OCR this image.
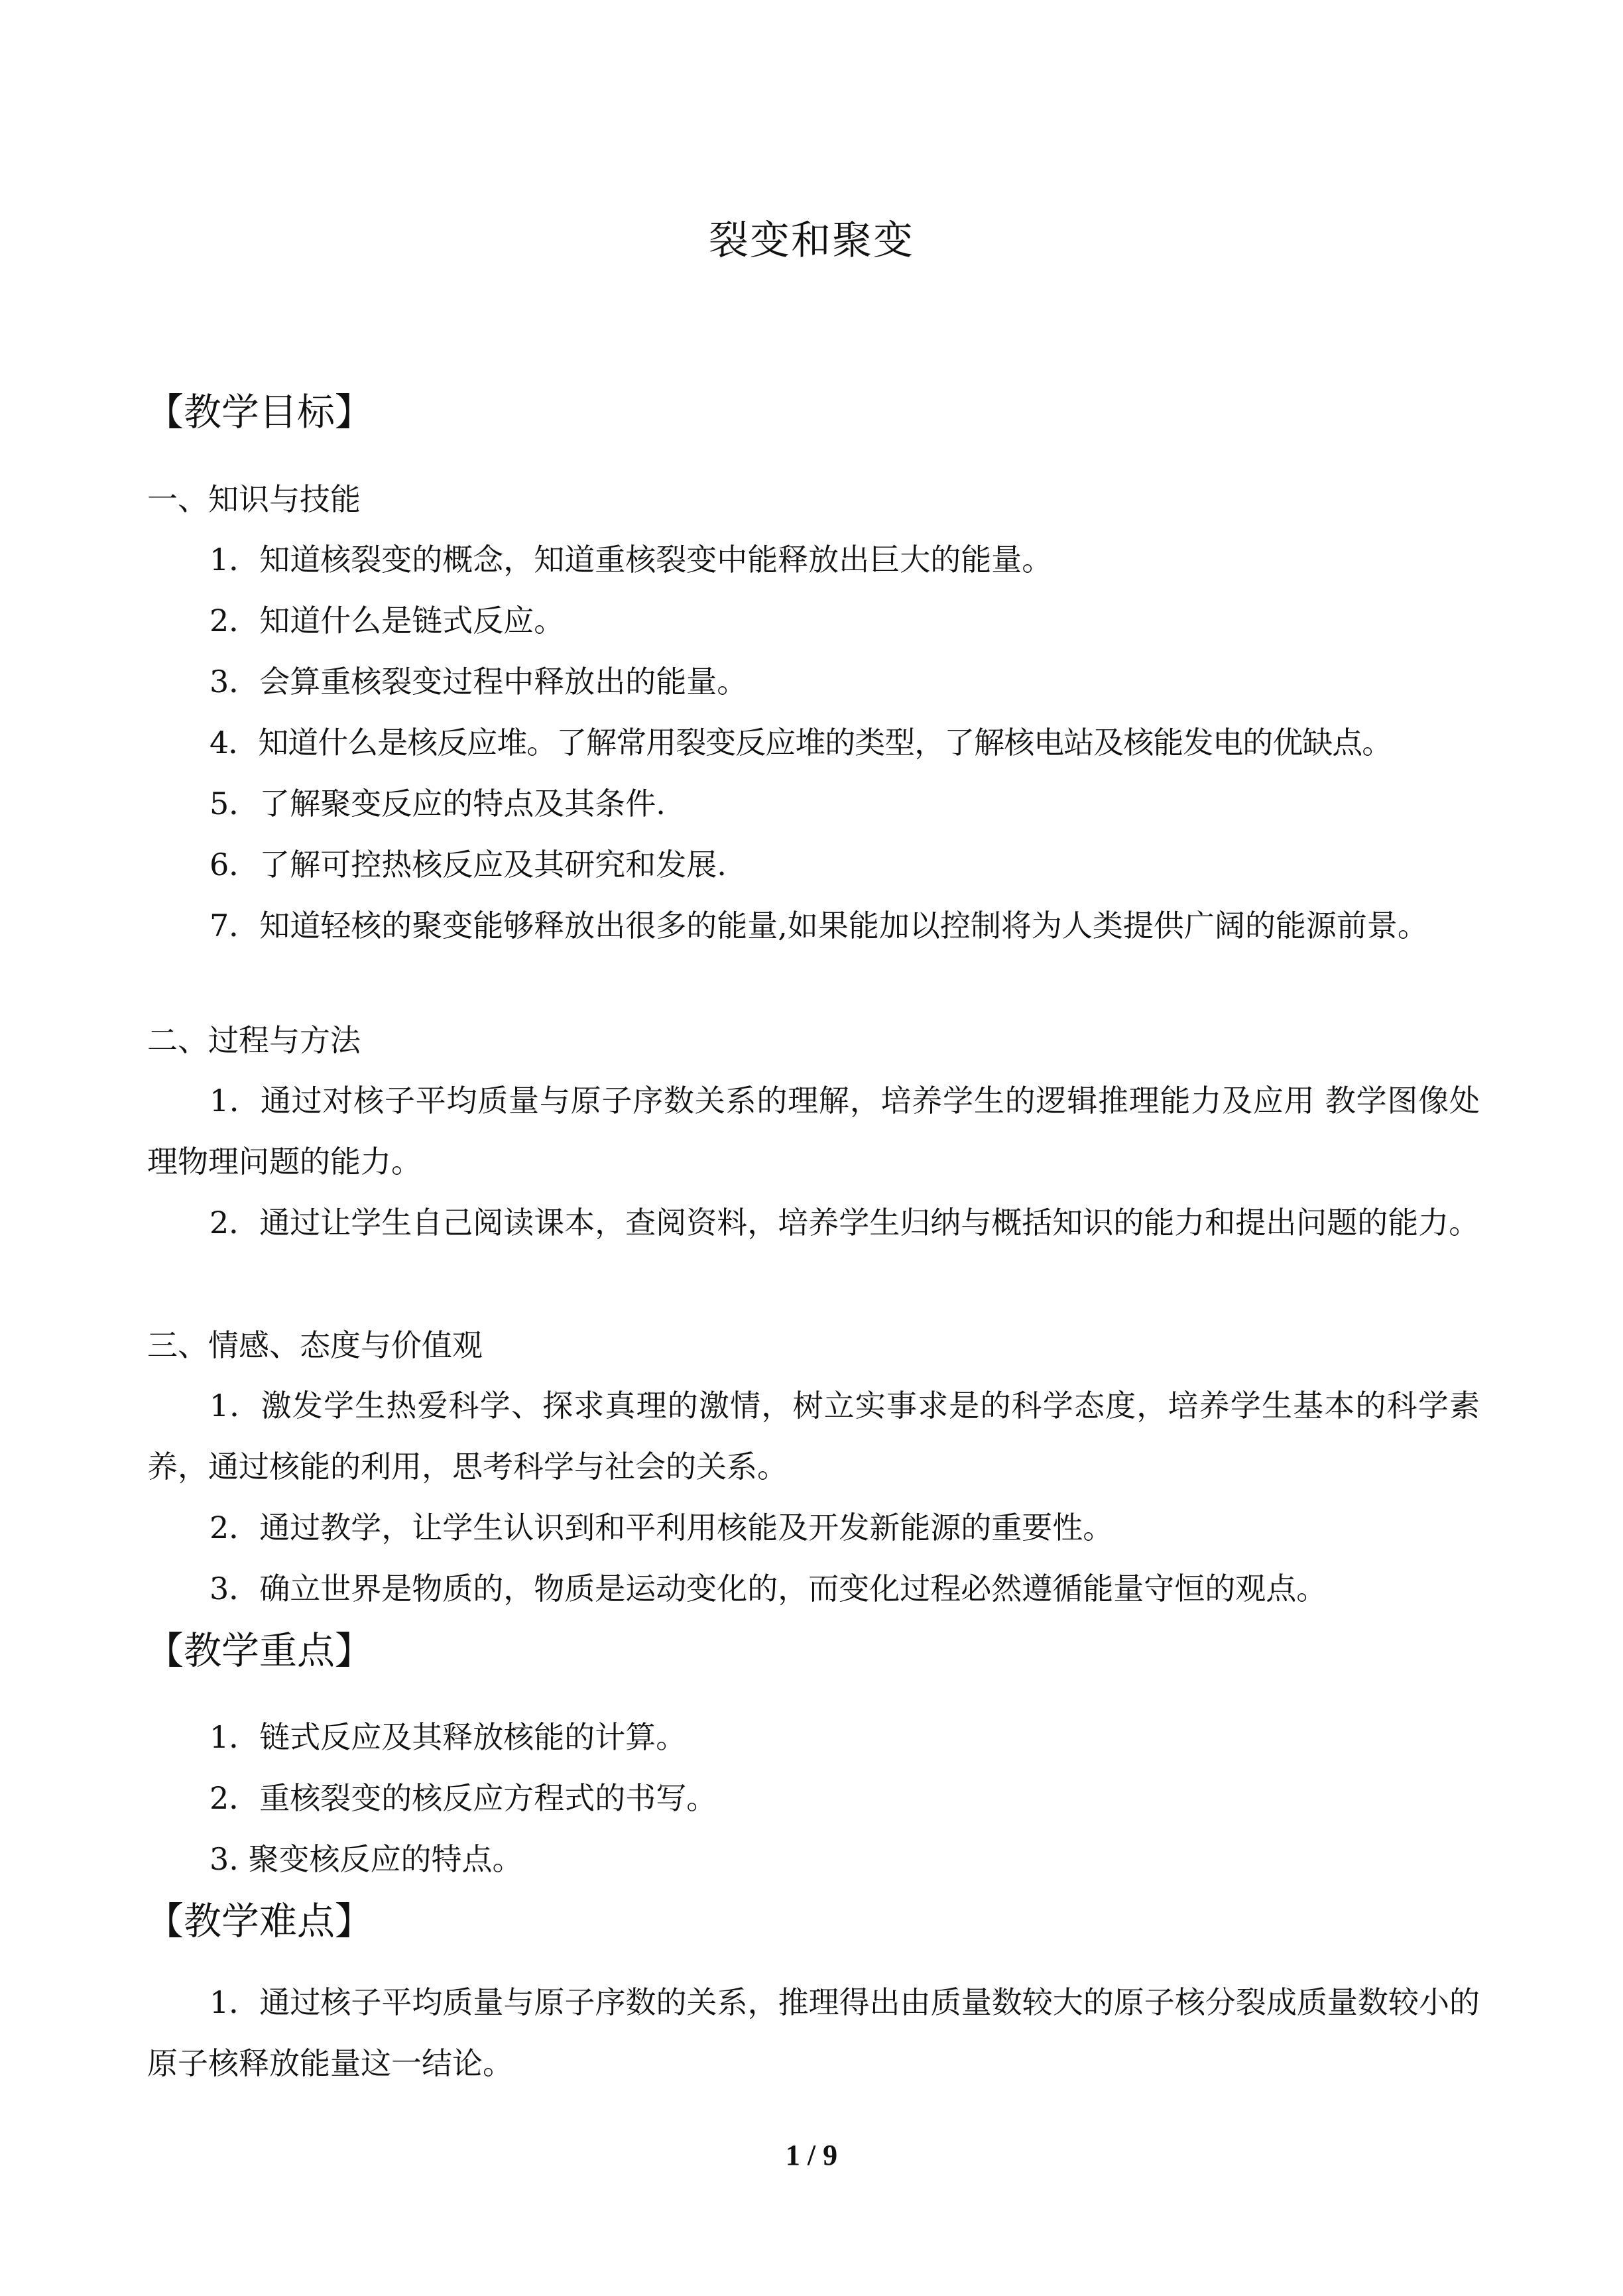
裂变和聚变
【教学目标】
一、知识与技能

1．知道核裂变的概念，知道重核裂变中能释放出巨大的能量。

2．知道什么是链式反应。

3．会算重核裂变过程中释放出的能量。

4．知道什么是核反应堆。了解常用裂变反应堆的类型，了解核电站及核能发电的优缺点。

5．了解聚变反应的特点及其条件.

6．了解可控热核反应及其研究和发展.

7．知道轻核的聚变能够释放出很多的能量,如果能加以控制将为人类提供广阔的能源前景。

二、过程与方法

1．通过对核子平均质量与原子序数关系的理解，培养学生的逻辑推理能力及应用 教学图像处理物理问题的能力。

2．通过让学生自己阅读课本，查阅资料，培养学生归纳与概括知识的能力和提出问题的能力。

三、情感、态度与价值观

1．激发学生热爱科学、探求真理的激情，树立实事求是的科学态度，培养学生基本的科学素养，通过核能的利用，思考科学与社会的关系。

2．通过教学，让学生认识到和平利用核能及开发新能源的重要性。

3．确立世界是物质的，物质是运动变化的，而变化过程必然遵循能量守恒的观点。

【教学重点】

1．链式反应及其释放核能的计算。

2．重核裂变的核反应方程式的书写。

3. 聚变核反应的特点。

【教学难点】

1．通过核子平均质量与原子序数的关系，推理得出由质量数较大的原子核分裂成质量数较小的原子核释放能量这一结论。

1 / 9
